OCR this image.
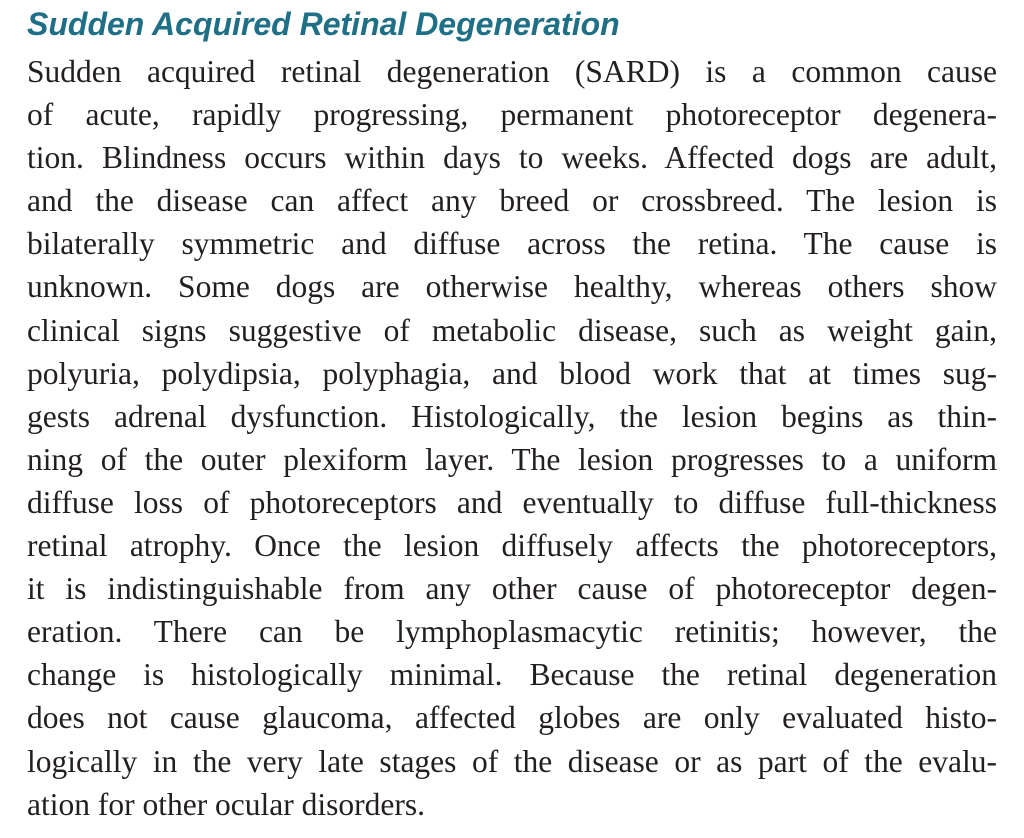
Sudden Acquired Retinal Degeneration
Sudden acquired retinal degeneration (SARD) is a common cause
of acute, rapidly progressing, permanent photoreceptor degenera-
tion. Blindness occurs within days to weeks. Affected dogs are adult,
and the disease can affect any breed or crossbreed. The lesion is
bilaterally symmetric and diffuse across the retina. The cause is
unknown. Some dogs are otherwise healthy, whereas others show
clinical signs suggestive of metabolic disease, such as weight gain,
polyuria, polydipsia, polyphagia, and blood work that at times sug-
gests adrenal dysfunction. Histologically, the lesion begins as thin-
ning of the outer plexiform layer. The lesion progresses to a uniform
diffuse loss of photoreceptors and eventually to diffuse full-thickness
retinal atrophy. Once the lesion diffusely affects the photoreceptors,
it is indistinguishable from any other cause of photoreceptor degen-
eration. There can be lymphoplasmacytic retinitis; however, the
change is histologically minimal. Because the retinal degeneration
does not cause glaucoma, affected globes are only evaluated histo-
logically in the very late stages of the disease or as part of the evalu-
ation for other ocular disorders.
